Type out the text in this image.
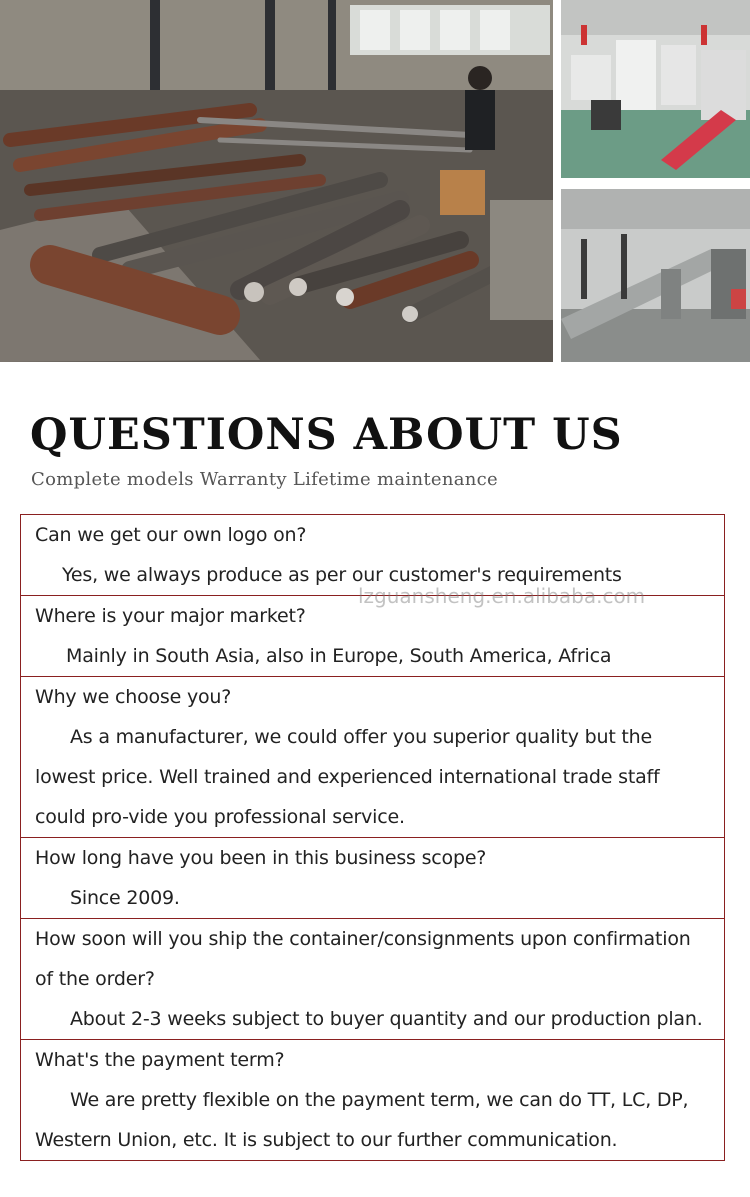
QUESTIONS ABOUT US
Complete models Warranty Lifetime maintenance
Can we get our own logo on?
Yes, we always produce as per our customer's requirements
Where is your major market?
Mainly in South Asia, also in Europe, South America, Africa
Why we choose you?
As a manufacturer, we could offer you superior quality but the lowest price. Well trained and experienced international trade staff could pro-vide you professional service.
How long have you been in this business scope?
Since 2009.
How soon will you ship the container/consignments upon confirmation of the order?
About 2-3 weeks subject to buyer quantity and our production plan.
What's the payment term?
We are pretty flexible on the payment term, we can do TT, LC, DP, Western Union, etc. It is subject to our further communication.
lzguansheng.en.alibaba.com
